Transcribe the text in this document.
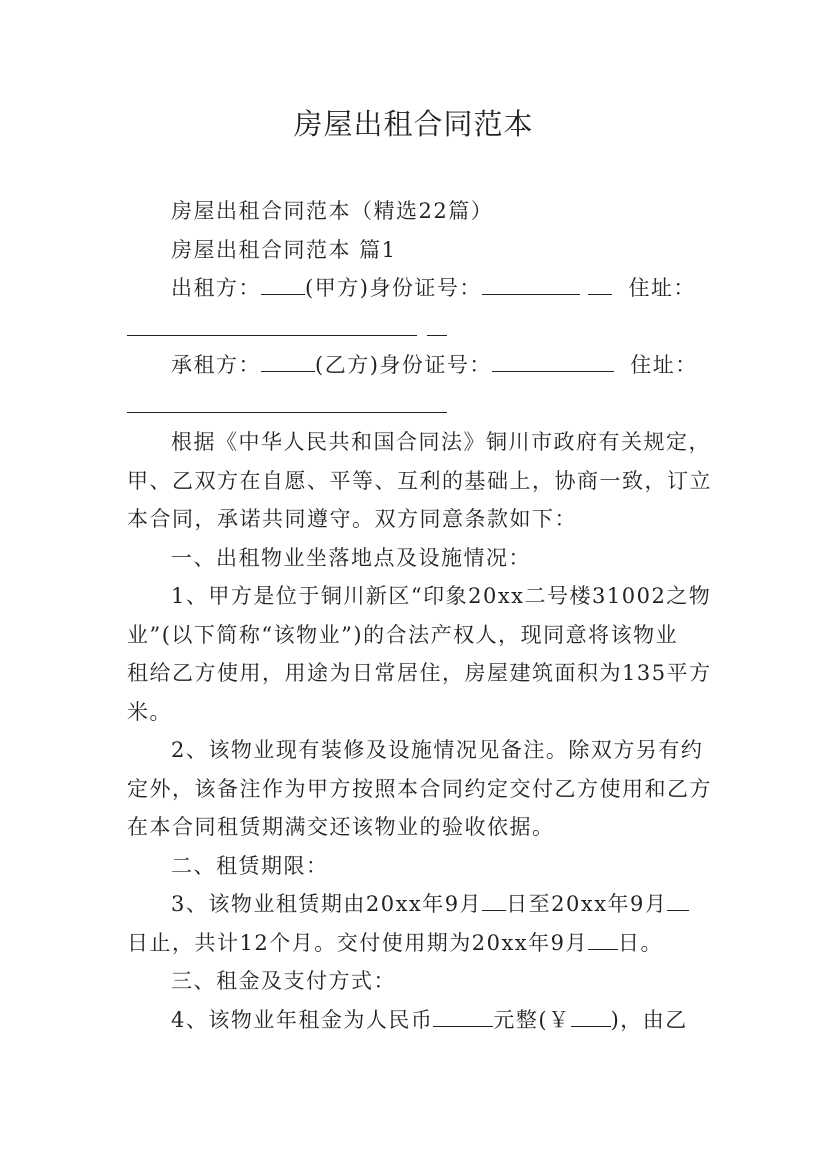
房屋出租合同范本

房屋出租合同范本（精选22篇）

房屋出租合同范本 篇1

出租方： (甲方)身份证号：	住址：

承租方：	(乙方)身份证号：	住址：

根据《中华人民共和国合同法》铜川市政府有关规定，

甲、乙双方在自愿、平等、互利的基础上，协商一致，订立

本合同，承诺共同遵守。双方同意条款如下：

一、出租物业坐落地点及设施情况：

1、甲方是位于铜川新区“印象20xx二号楼31002之物

业”(以下简称“该物业”)的合法产权人，现同意将该物业

租给乙方使用，用途为日常居住，房屋建筑面积为135平方

米。

2、该物业现有装修及设施情况见备注。除双方另有约

定外，该备注作为甲方按照本合同约定交付乙方使用和乙方

在本合同租赁期满交还该物业的验收依据。

二、租赁期限：

3、该物业租赁期由20xx年9月 日至20xx年9月

日止，共计12个月。交付使用期为20xx年9月 日。

三、租金及支付方式：

4、该物业年租金为人民币	元整(￥ )，由乙
